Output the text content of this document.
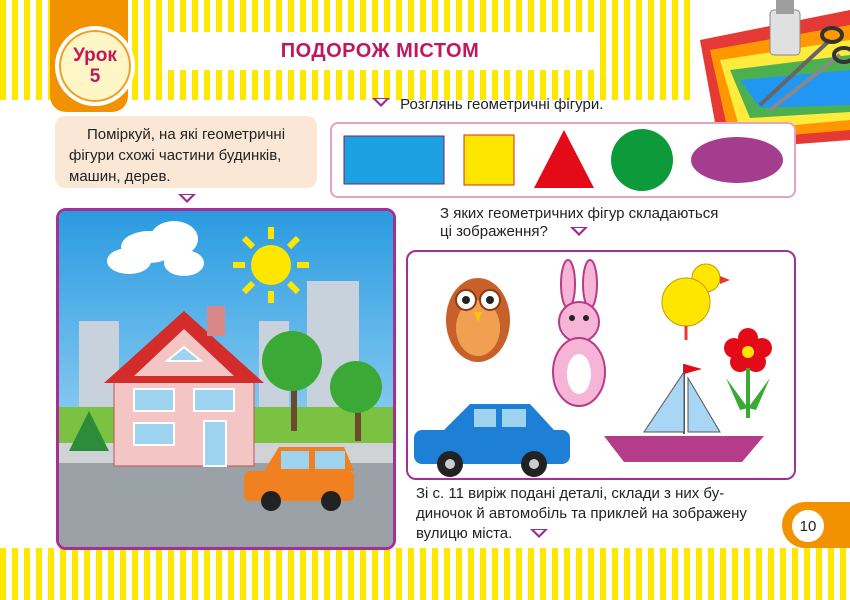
Урок
5
ПОДОРОЖ МІСТОМ
Розглянь геометричні фігури.

Поміркуй, на які геометричні фігури схожі частини будинків, машин, дерев.

З яких геометричних фігур складаються
ці зображення?
Зі с. 11 виріж подані деталі, склади з них бу-
диночок й автомобіль та приклей на зображену
вулицю міста.	10
